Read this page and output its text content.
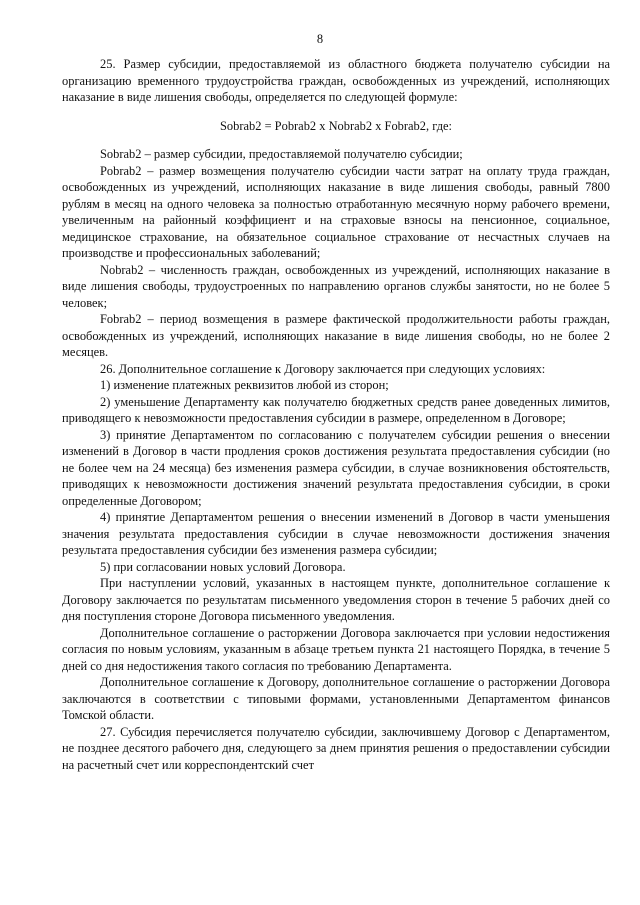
8

25. Размер субсидии, предоставляемой из областного бюджета получателю субсидии на организацию временного трудоустройства граждан, освобожденных из учреждений, исполняющих наказание в виде лишения свободы, определяется по следующей формуле:

Sobrab2 = Pobrab2 x Nobrab2 x Fobrab2, где:

Sobrab2 – размер субсидии, предоставляемой получателю субсидии;

Pobrab2 – размер возмещения получателю субсидии части затрат на оплату труда граждан, освобожденных из учреждений, исполняющих наказание в виде лишения свободы, равный 7800 рублям в месяц на одного человека за полностью отработанную месячную норму рабочего времени, увеличенным на районный коэффициент и на страховые взносы на пенсионное, социальное, медицинское страхование, на обязательное социальное страхование от несчастных случаев на производстве и профессиональных заболеваний;

Nobrab2 – численность граждан, освобожденных из учреждений, исполняющих наказание в виде лишения свободы, трудоустроенных по направлению органов службы занятости, но не более 5 человек;

Fobrab2 – период возмещения в размере фактической продолжительности работы граждан, освобожденных из учреждений, исполняющих наказание в виде лишения свободы, но не более 2 месяцев.

26. Дополнительное соглашение к Договору заключается при следующих условиях:

1) изменение платежных реквизитов любой из сторон;

2) уменьшение Департаменту как получателю бюджетных средств ранее доведенных лимитов, приводящего к невозможности предоставления субсидии в размере, определенном в Договоре;

3) принятие Департаментом по согласованию с получателем субсидии решения о внесении изменений в Договор в части продления сроков достижения результата предоставления субсидии (но не более чем на 24 месяца) без изменения размера субсидии, в случае возникновения обстоятельств, приводящих к невозможности достижения значений результата предоставления субсидии, в сроки определенные Договором;

4) принятие Департаментом решения о внесении изменений в Договор в части уменьшения значения результата предоставления субсидии в случае невозможности достижения значения результата предоставления субсидии без изменения размера субсидии;

5) при согласовании новых условий Договора.

При наступлении условий, указанных в настоящем пункте, дополнительное соглашение к Договору заключается по результатам письменного уведомления сторон в течение 5 рабочих дней со дня поступления стороне Договора письменного уведомления.

Дополнительное соглашение о расторжении Договора заключается при условии недостижения согласия по новым условиям, указанным в абзаце третьем пункта 21 настоящего Порядка, в течение 5 дней со дня недостижения такого согласия по требованию Департамента.

Дополнительное соглашение к Договору, дополнительное соглашение о расторжении Договора заключаются в соответствии с типовыми формами, установленными Департаментом финансов Томской области.

27. Субсидия перечисляется получателю субсидии, заключившему Договор с Департаментом, не позднее десятого рабочего дня, следующего за днем принятия решения о предоставлении субсидии на расчетный счет или корреспондентский счет
